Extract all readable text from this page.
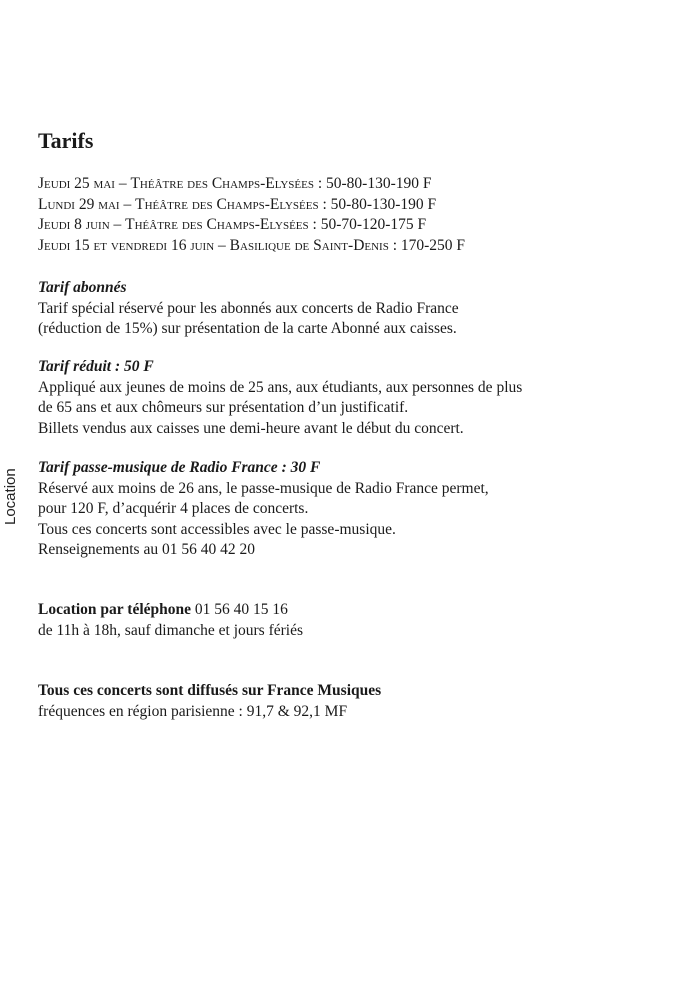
Location
Tarifs
Jeudi 25 mai – Théâtre des Champs-Elysées : 50-80-130-190 F
Lundi 29 mai – Théâtre des Champs-Elysées : 50-80-130-190 F
Jeudi 8 juin – Théâtre des Champs-Elysées : 50-70-120-175 F
Jeudi 15 et vendredi 16 juin – Basilique de Saint-Denis : 170-250 F
Tarif abonnés
Tarif spécial réservé pour les abonnés aux concerts de Radio France
(réduction de 15%) sur présentation de la carte Abonné aux caisses.
Tarif réduit : 50 F
Appliqué aux jeunes de moins de 25 ans, aux étudiants, aux personnes de plus
de 65 ans et aux chômeurs sur présentation d’un justificatif.
Billets vendus aux caisses une demi-heure avant le début du concert.
Tarif passe-musique de Radio France : 30 F
Réservé aux moins de 26 ans, le passe-musique de Radio France permet,
pour 120 F, d’acquérir 4 places de concerts.
Tous ces concerts sont accessibles avec le passe-musique.
Renseignements au 01 56 40 42 20
Location par téléphone 01 56 40 15 16
de 11h à 18h, sauf dimanche et jours fériés
Tous ces concerts sont diffusés sur France Musiques
fréquences en région parisienne : 91,7 & 92,1 MF
